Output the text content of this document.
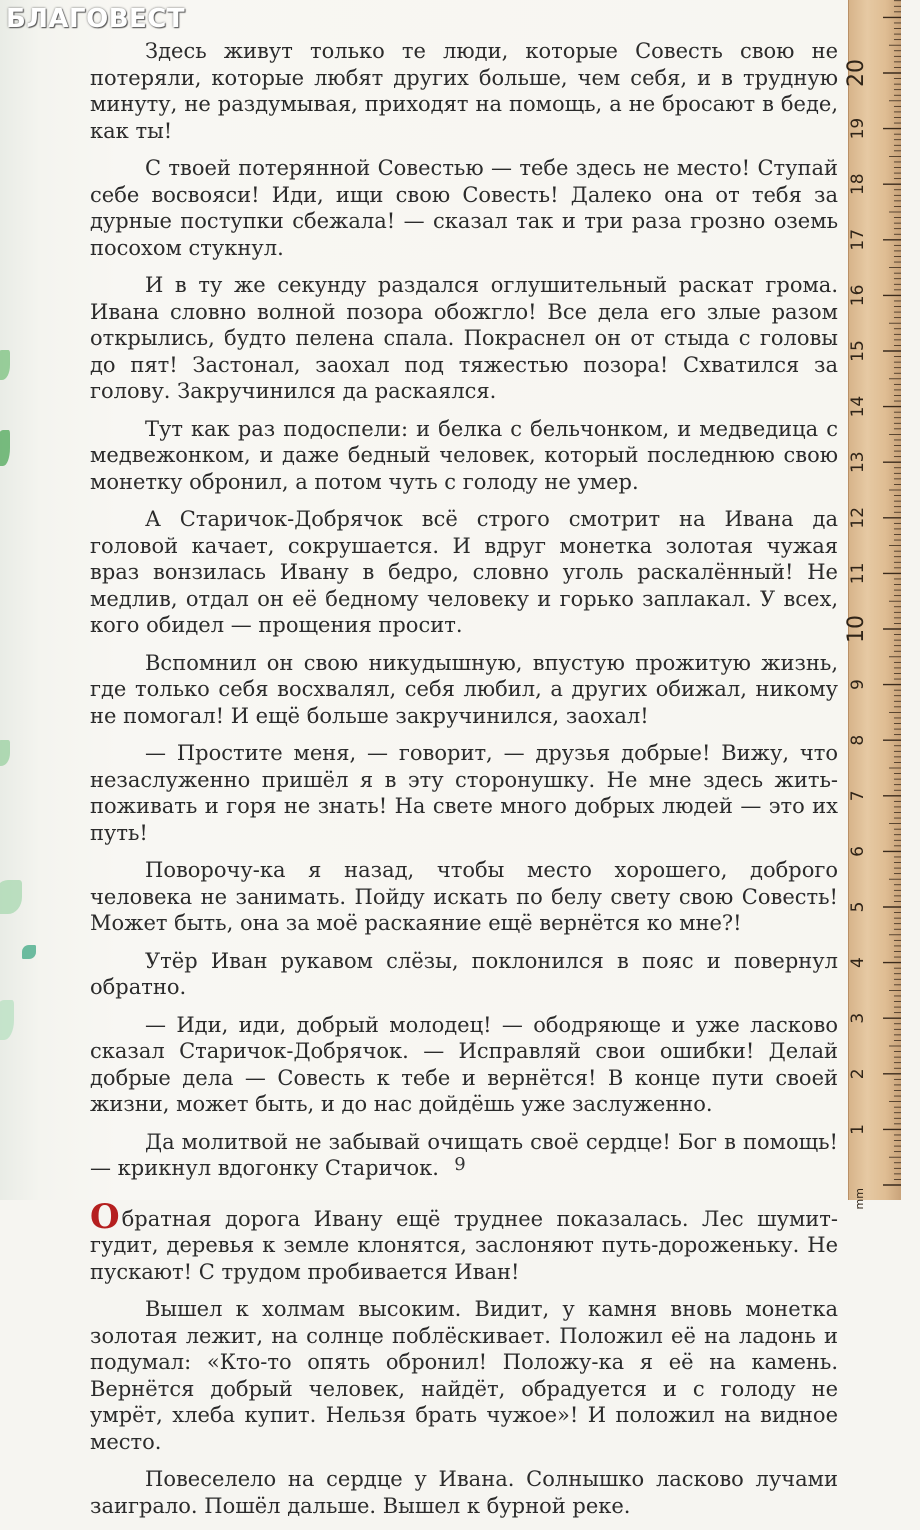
БЛАГОВЕСТ

Здесь живут только те люди, которые Совесть свою не потеряли, которые любят других больше, чем себя, и в трудную минуту, не раздумывая, приходят на помощь, а не бросают в беде, как ты!

С твоей потерянной Совестью — тебе здесь не место! Ступай себе восвояси! Иди, ищи свою Совесть! Далеко она от тебя за дурные поступки сбежала! — сказал так и три раза грозно оземь посохом стукнул.

И в ту же секунду раздался оглушительный раскат грома. Ивана словно волной позора обожгло! Все дела его злые разом открылись, будто пелена спала. Покраснел он от стыда с головы до пят! Застонал, заохал под тяжестью позора! Схватился за голову. Закручинился да раскаялся.

Тут как раз подоспели: и белка с бельчонком, и медведица с медвежонком, и даже бедный человек, который последнюю свою монетку обронил, а потом чуть с голоду не умер.

А Старичок-Добрячок всё строго смотрит на Ивана да головой качает, сокрушается. И вдруг монетка золотая чужая враз вонзилась Ивану в бедро, словно уголь раскалённый! Не медлив, отдал он её бедному человеку и горько заплакал. У всех, кого обидел — прощения просит.

Вспомнил он свою никудышную, впустую прожитую жизнь, где только себя восхвалял, себя любил, а других обижал, никому не помогал! И ещё больше закручинился, заохал!

— Простите меня, — говорит, — друзья добрые! Вижу, что незаслуженно пришёл я в эту сторонушку. Не мне здесь жить-поживать и горя не знать! На свете много добрых людей — это их путь!

Поворочу-ка я назад, чтобы место хорошего, доброго человека не занимать. Пойду искать по белу свету свою Совесть! Может быть, она за моё раскаяние ещё вернётся ко мне?!

Утёр Иван рукавом слёзы, поклонился в пояс и повернул обратно.

— Иди, иди, добрый молодец! — ободряюще и уже ласково сказал Старичок-Добрячок. — Исправляй свои ошибки! Делай добрые дела — Совесть к тебе и вернётся! В конце пути своей жизни, может быть, и до нас дойдёшь уже заслуженно.

Да молитвой не забывай очищать своё сердце! Бог в помощь! — крикнул вдогонку Старичок.

Обратная дорога Ивану ещё труднее показалась. Лес шумит-гудит, деревья к земле клонятся, заслоняют путь-дороженьку. Не пускают! С трудом пробивается Иван!

Вышел к холмам высоким. Видит, у камня вновь монетка золотая лежит, на солнце поблёскивает. Положил её на ладонь и подумал: «Кто-то опять обронил! Положу-ка я её на камень. Вернётся добрый человек, найдёт, обрадуется и с голоду не умрёт, хлеба купит. Нельзя брать чужое»! И положил на видное место.

Повеселело на сердце у Ивана. Солнышко ласково лучами заиграло. Пошёл дальше. Вышел к бурной реке.

9
20
19
18
17
16
15
14
13
12
11
10
9
8
7
6
5
4
3
2
1
mm
